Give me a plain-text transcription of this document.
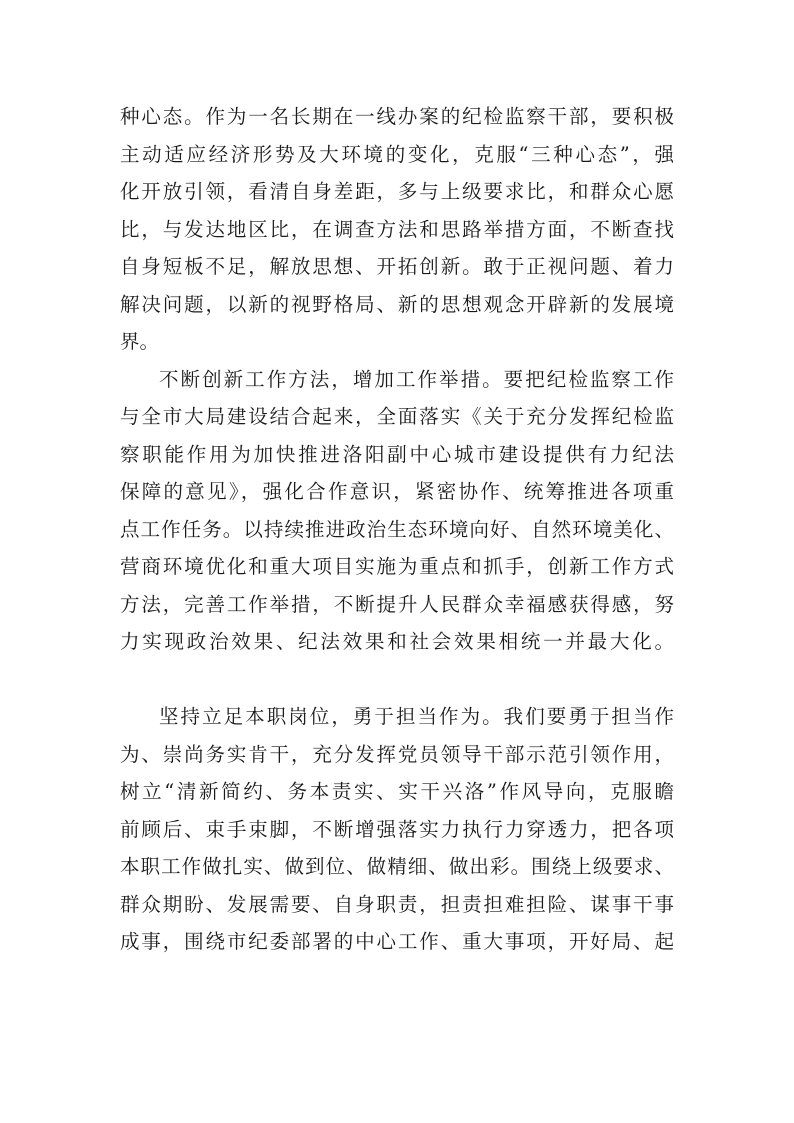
种心态。作为一名长期在一线办案的纪检监察干部，要积极
主动适应经济形势及大环境的变化，克服“三种心态”，强
化开放引领，看清自身差距，多与上级要求比，和群众心愿
比，与发达地区比，在调查方法和思路举措方面，不断查找
自身短板不足，解放思想、开拓创新。敢于正视问题、着力
解决问题，以新的视野格局、新的思想观念开辟新的发展境
界。
不断创新工作方法，增加工作举措。要把纪检监察工作
与全市大局建设结合起来，全面落实《关于充分发挥纪检监
察职能作用为加快推进洛阳副中心城市建设提供有力纪法
保障的意见》，强化合作意识，紧密协作、统筹推进各项重
点工作任务。以持续推进政治生态环境向好、自然环境美化、
营商环境优化和重大项目实施为重点和抓手，创新工作方式
方法，完善工作举措，不断提升人民群众幸福感获得感，努
力实现政治效果、纪法效果和社会效果相统一并最大化。
坚持立足本职岗位，勇于担当作为。我们要勇于担当作
为、崇尚务实肯干，充分发挥党员领导干部示范引领作用，
树立“清新简约、务本责实、实干兴洛”作风导向，克服瞻
前顾后、束手束脚，不断增强落实力执行力穿透力，把各项
本职工作做扎实、做到位、做精细、做出彩。围绕上级要求、
群众期盼、发展需要、自身职责，担责担难担险、谋事干事
成事，围绕市纪委部署的中心工作、重大事项，开好局、起
